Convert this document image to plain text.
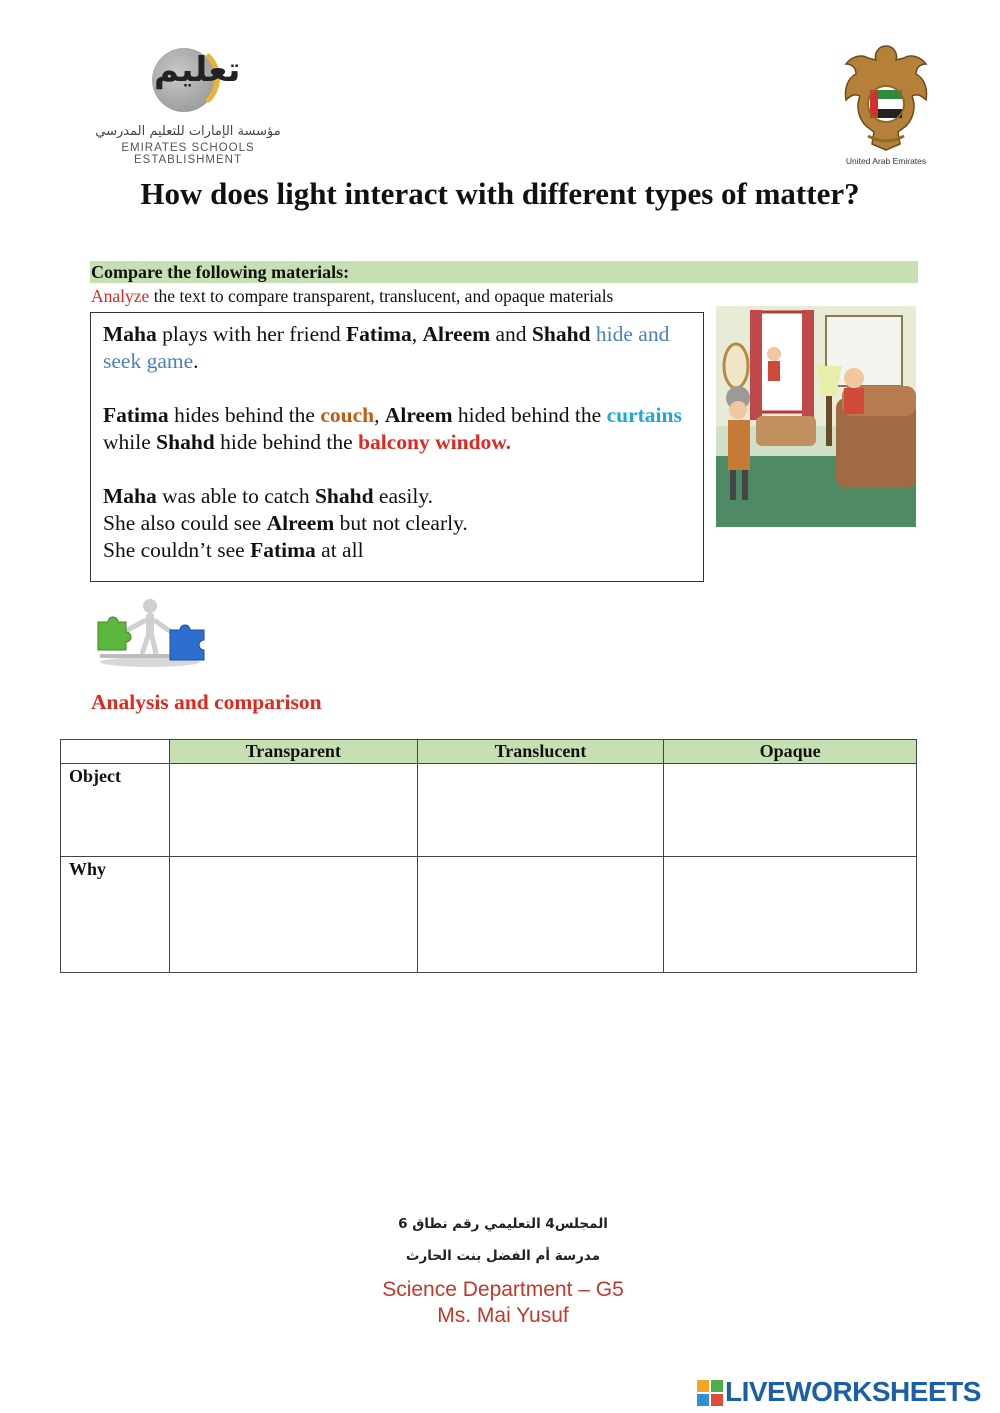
تعليم
مؤسسة الإمارات للتعليم المدرسي
EMIRATES SCHOOLS ESTABLISHMENT	United Arab Emirates
How does light interact with different types of matter?
Compare the following materials:
Analyze the text to compare transparent, translucent, and opaque materials

Maha plays with her friend Fatima, Alreem and Shahd hide and seek game.

Fatima hides behind the couch, Alreem hided behind the curtains while Shahd hide behind the balcony window.

Maha was able to catch Shahd easily.
She also could see Alreem but not clearly.
She couldn’t see Fatima at all

Analysis and comparison
	Transparent	Translucent	Opaque
Object			
Why			
المجلس4 التعليمي رقم نطاق 6
مدرسة أم الفضل بنت الحارث
Science Department – G5
Ms. Mai Yusuf
LIVEWORKSHEETS
